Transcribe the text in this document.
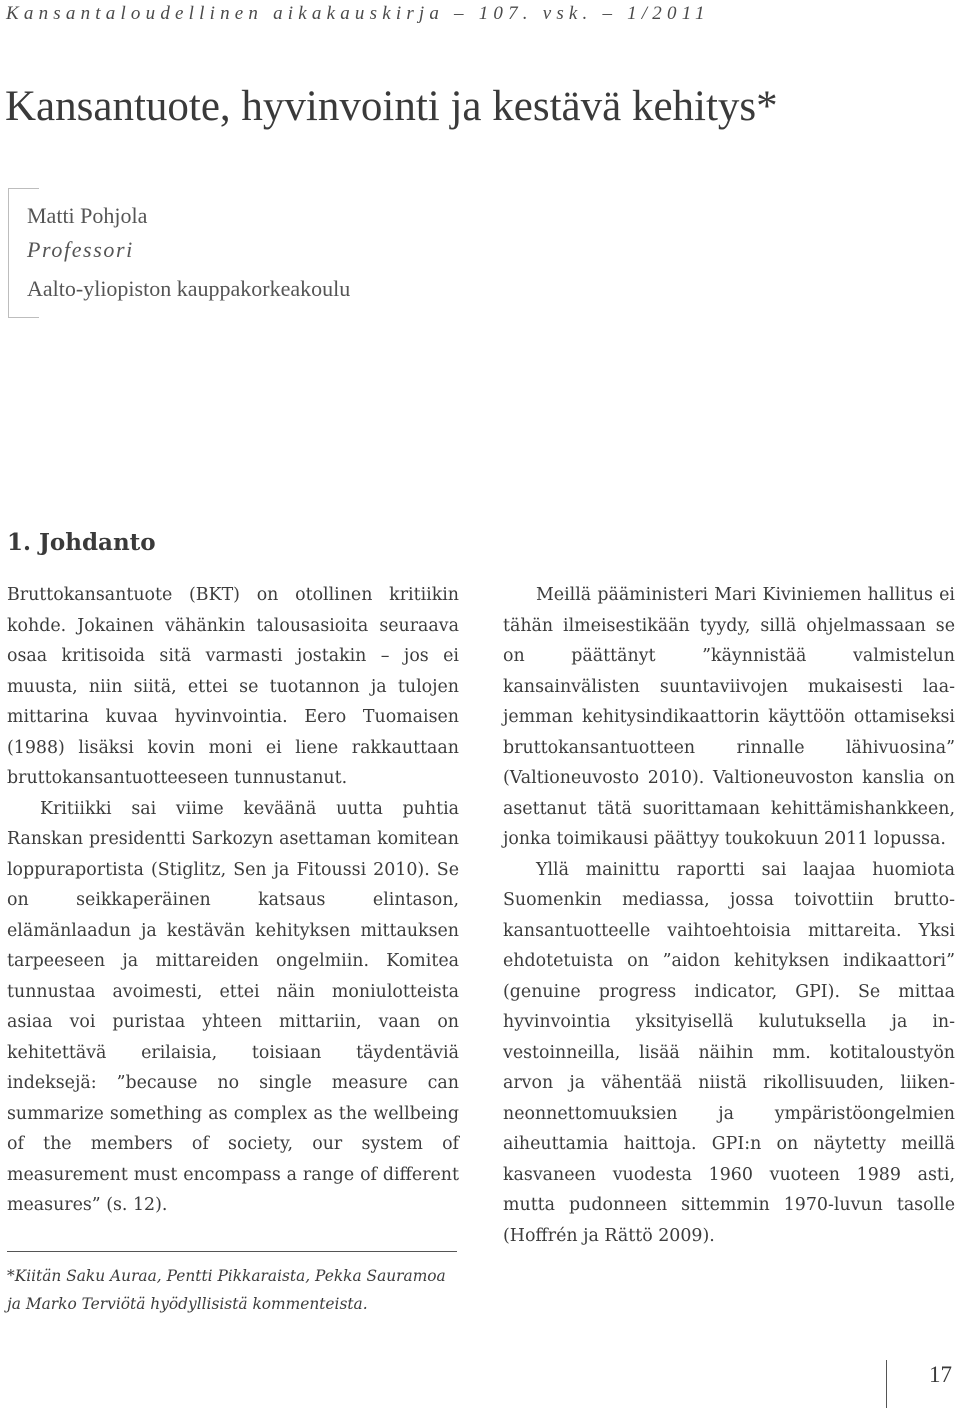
Kansantaloudellinen aikakauskirja – 107. vsk. – 1/2011
Kansantuote, hyvinvointi ja kestävä kehitys*
Matti Pohjola
Professori
Aalto-yliopiston kauppakorkeakoulu
1. Johdanto

Bruttokansantuote (BKT) on otollinen kritiikin kohde. Jokainen vähänkin talousasioita seuraava osaa kritisoida sitä varmasti jostakin – jos ei muusta, niin siitä, ettei se tuotannon ja tulojen mittarina kuvaa hyvinvointia. Eero Tuomaisen (1988) lisäksi kovin moni ei liene rakkauttaan bruttokansantuotteeseen tunnustanut.

Kritiikki sai viime keväänä uutta puhtia Ranskan presidentti Sarkozyn asettaman komitean loppuraportista (Stiglitz, Sen ja Fitoussi 2010). Se on seikkaperäinen katsaus elintason, elämänlaadun ja kestävän kehityksen mittauksen tarpeeseen ja mittareiden ongelmiin. Komitea tunnustaa avoimesti, ettei näin moniulotteista asiaa voi puristaa yhteen mittariin, vaan on kehitettävä erilaisia, toisiaan täydentäviä indeksejä: ”because no single measure can summarize something as complex as the wellbeing of the members of society, our system of measurement must encompass a range of different measures” (s. 12).

*Kiitän Saku Auraa, Pentti Pikkaraista, Pekka Sauramoa ja Marko Terviötä hyödyllisistä kommenteista.

Meillä pääministeri Mari Kiviniemen hallitus ei tähän ilmeisestikään tyydy, sillä ohjelmassaan se on päättänyt ”käynnistää valmistelun kansainvälisten suuntaviivojen mukaisesti laajemman kehitysindikaattorin käyttöön ottamiseksi bruttokansantuotteen rinnalle lähivuosina” (Valtioneuvosto 2010). Valtioneuvoston kanslia on asettanut tätä suorittamaan kehittämishankkeen, jonka toimikausi päättyy toukokuun 2011 lopussa.

Yllä mainittu raportti sai laajaa huomiota Suomenkin mediassa, jossa toivottiin bruttokansantuotteelle vaihtoehtoisia mittareita. Yksi ehdotetuista on ”aidon kehityksen indikaattori” (genuine progress indicator, GPI). Se mittaa hyvinvointia yksityisellä kulutuksella ja investoinneilla, lisää näihin mm. kotitaloustyön arvon ja vähentää niistä rikollisuuden, liikenneonnettomuuksien ja ympäristöongelmien aiheuttamia haittoja. GPI:n on näytetty meillä kasvaneen vuodesta 1960 vuoteen 1989 asti, mutta pudonneen sittemmin 1970-luvun tasolle (Hoffrén ja Rättö 2009).

17
